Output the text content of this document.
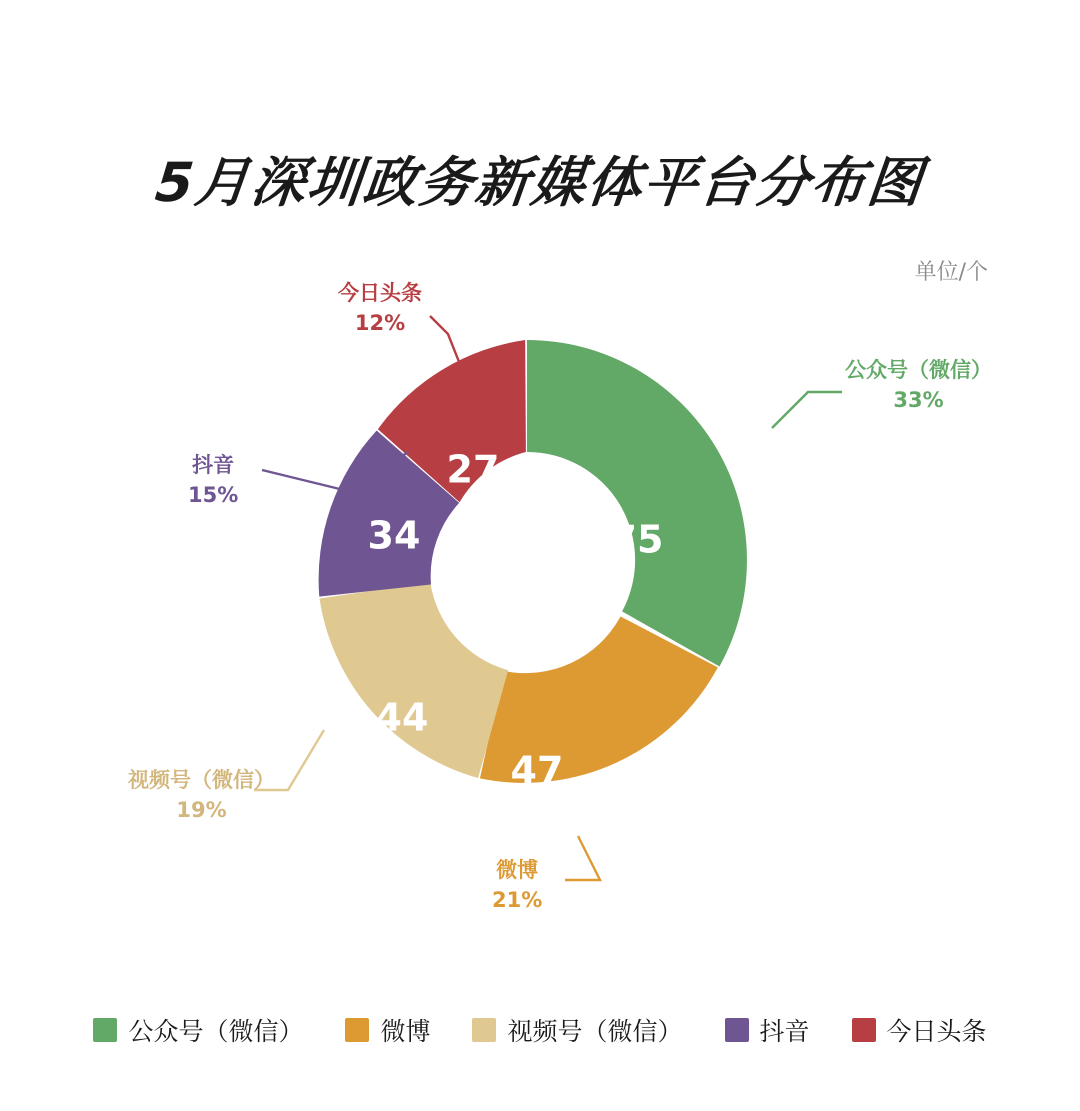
5月深圳政务新媒体平台分布图
单位/个
75
47
44
34
27
公众号（微信）
33%
微博
21%
视频号（微信）
19%
抖音
15%
今日头条
12%
公众号（微信）	微博	视频号（微信）	抖音	今日头条
